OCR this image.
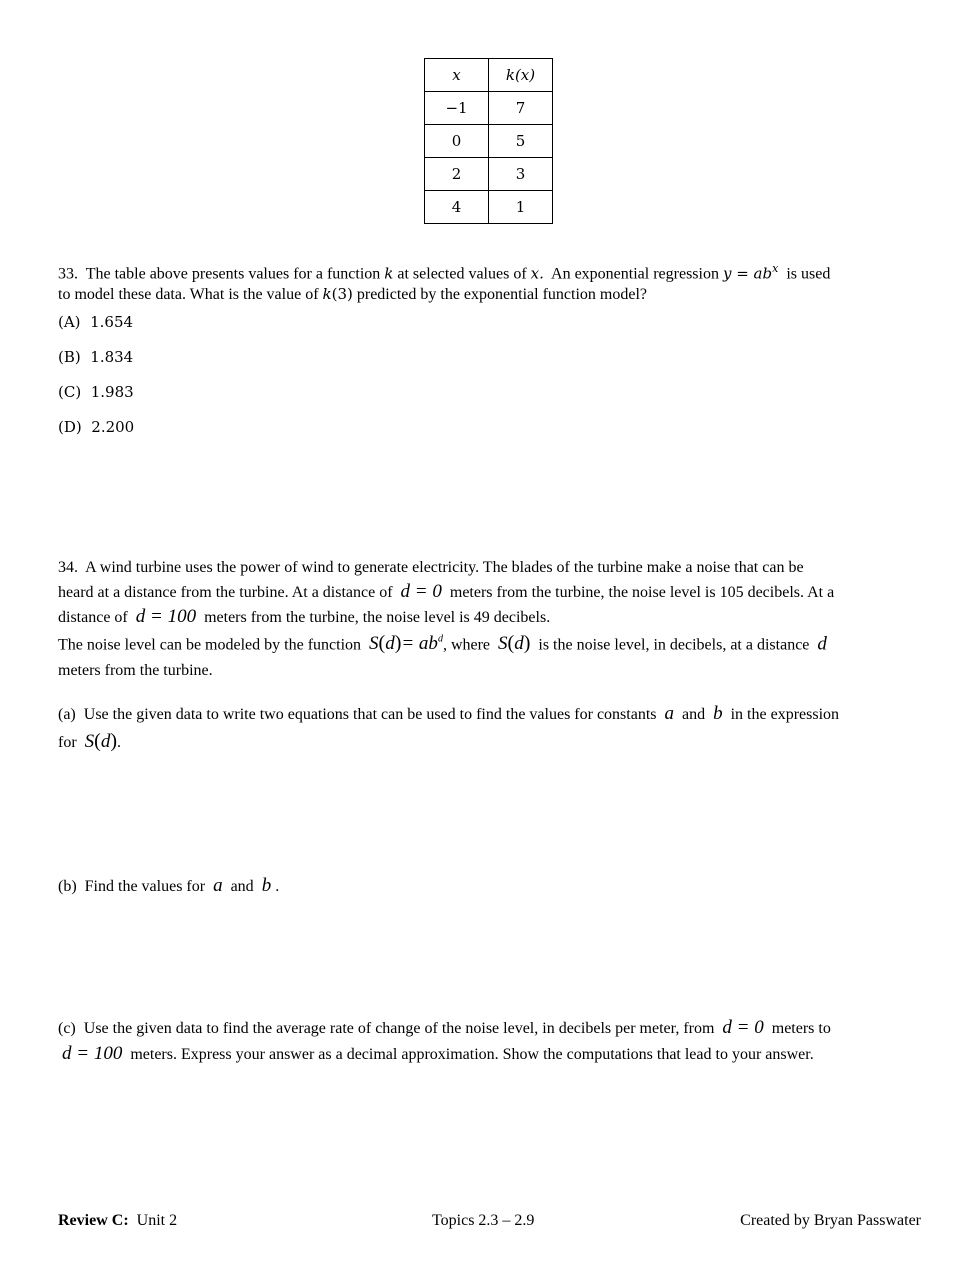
x	k(x)
−1	7
0	5
2	3
4	1
33. The table above presents values for a function k at selected values of x. An exponential regression $y = ab^x$ is used
to model these data. What is the value of k(3) predicted by the exponential function model?
(A) 1.654
(B) 1.834
(C) 1.983
(D) 2.200
34. A wind turbine uses the power of wind to generate electricity. The blades of the turbine make a noise that can be
heard at a distance from the turbine. At a distance of d = 0 meters from the turbine, the noise level is 105 decibels. At a
distance of d = 100 meters from the turbine, the noise level is 49 decibels.
The noise level can be modeled by the function $S(d)= ab^d$, where S(d) is the noise level, in decibels, at a distance d
meters from the turbine.
(a) Use the given data to write two equations that can be used to find the values for constants a and b in the expression
for S(d).
(b) Find the values for a and b .
(c) Use the given data to find the average rate of change of the noise level, in decibels per meter, from d = 0 meters to
d = 100 meters. Express your answer as a decimal approximation. Show the computations that lead to your answer.
Review C: Unit 2	Topics 2.3 – 2.9	Created by Bryan Passwater
